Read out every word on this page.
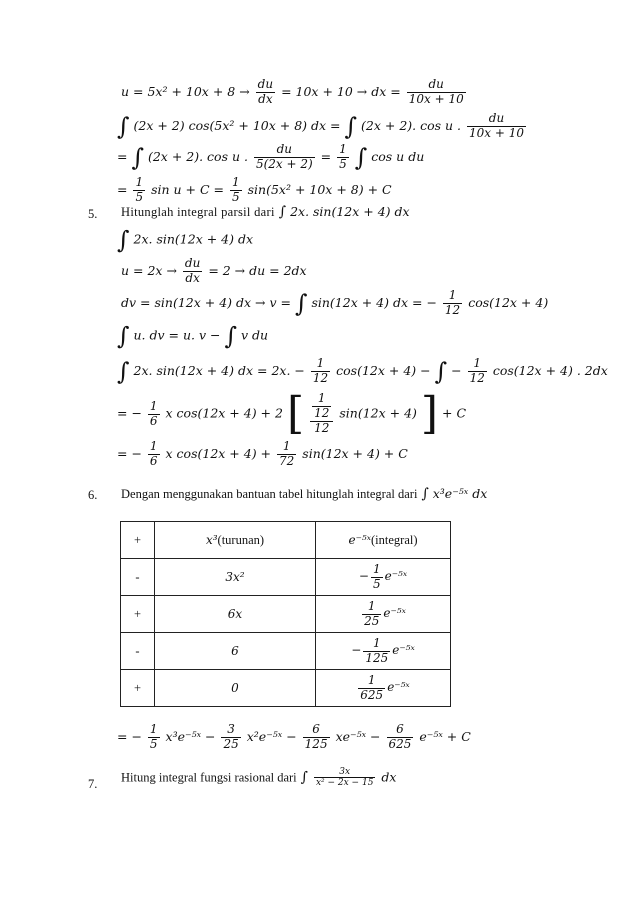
$u = 5x^2 + 10x + 8 \to \frac{du}{dx} = 10x + 10$ → dx = $\frac{du}{10x + 10}$
∫ (2x + 2) cos(5x² + 10x + 8) dx = ∫ (2x + 2). cos u . $\frac{du}{10x + 10}$
= ∫ (2x + 2). cos u . $\frac{du}{5(2x + 2)} = \frac{1}{5}$ ∫ cos u du
= $\frac{1}{5}$ $\sin u + C = \frac{1}{5} \sin(5x^2 + 10x + 8) + C$
5. Hitunglah integral parsil dari ∫ 2x. sin(12x + 4) dx
∫ 2x. sin(12x + 4) dx
$u = 2x \to \frac{du}{dx} = 2$ → du = 2dx
dv = sin(12x + 4) dx → v = ∫ sin(12x + 4) dx = − $\frac{1}{12} \cos(12x + 4)$
∫ u. dv = u. v − ∫ v du
∫ 2x. sin(12x + 4) dx = 2x. − $\frac{1}{12} \cos(12x + 4)$ − ∫ − $\frac{1}{12} \cos(12x + 4)$ . 2dx
= − $\frac{1}{6}$ x cos(12x + 4) + 2 [ $\frac{\frac{1}{12}}{12} \sin(12x + 4)$ ] + C
= − $\frac{1}{6}$ x $\cos(12x + 4) + \frac{1}{72} \sin(12x + 4) + C$
6. Dengan menggunakan bantuan tabel hitunglah integral dari ∫ x³e⁻⁵ˣ dx
+	x³(turunan)	e⁻⁵ˣ(integral)
-	3x²	− $\frac{1}{5}$ e⁻⁵ˣ
+	6x	$\frac{1}{25}$ e⁻⁵ˣ
-	6	− $\frac{1}{125}$ e⁻⁵ˣ
+	0	$\frac{1}{625}$ e⁻⁵ˣ
= − $\frac{1}{5}$ x³e⁻⁵ˣ − $\frac{3}{25}$ x²e⁻⁵ˣ − $\frac{6}{125}$ xe⁻⁵ˣ − $\frac{6}{625}$ e⁻⁵ˣ + C
7. Hitung integral fungsi rasional dari ∫ $\frac{3x}{\text{x² − 2x − 15}}$ dx
